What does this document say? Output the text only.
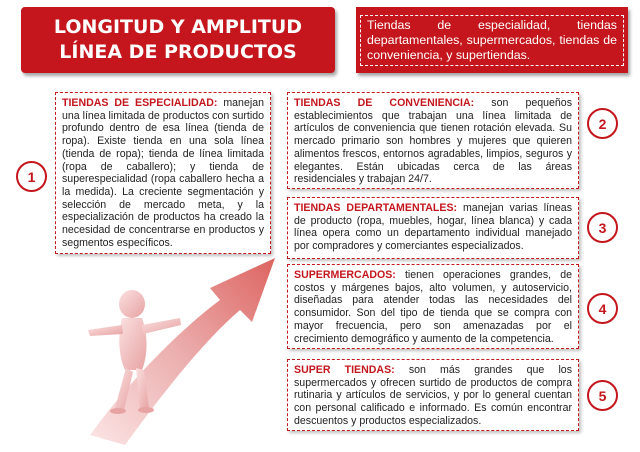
LONGITUD Y AMPLITUD LÍNEA DE PRODUCTOS
Tiendas de especialidad, tiendas departamentales, supermercados, tiendas de conveniencia, y supertiendas.
1
TIENDAS DE ESPECIALIDAD: manejan una línea limitada de productos con surtido profundo dentro de esa línea (tienda de ropa). Existe tienda en una sola línea (tienda de ropa); tienda de línea limitada (ropa de caballero); y tienda de superespecialidad (ropa caballero hecha a la medida). La creciente segmentación y selección de mercado meta, y la especialización de productos ha creado la necesidad de concentrarse en productos y segmentos específicos.
2
TIENDAS DE CONVENIENCIA: son pequeños establecimientos que trabajan una línea limitada de artículos de conveniencia que tienen rotación elevada. Su mercado primario son hombres y mujeres que quieren alimentos frescos, entornos agradables, limpios, seguros y elegantes. Están ubicadas cerca de las áreas residenciales y trabajan 24/7.
3
TIENDAS DEPARTAMENTALES: manejan varias líneas de producto (ropa, muebles, hogar, línea blanca) y cada línea opera como un departamento individual manejado por compradores y comerciantes especializados.
4
SUPERMERCADOS: tienen operaciones grandes, de costos y márgenes bajos, alto volumen, y autoservicio, diseñadas para atender todas las necesidades del consumidor. Son del tipo de tienda que se compra con mayor frecuencia, pero son amenazadas por el crecimiento demográfico y aumento de la competencia.
5
SUPER TIENDAS: son más grandes que los supermercados y ofrecen surtido de productos de compra rutinaria y artículos de servicios, y por lo general cuentan con personal calificado e informado. Es común encontrar descuentos y productos especializados.
